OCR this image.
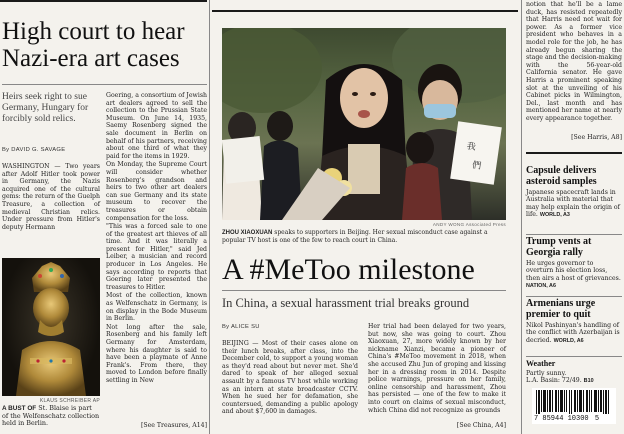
High court to hear Nazi-era art cases
Heirs seek right to sue Germany, Hungary for forcibly sold relics.
By DAVID G. SAVAGE
WASHINGTON — Two years after Adolf Hitler took power in Germany, the Nazis acquired one of the cultural gems: the return of the Guelph Treasure, a collection of medieval Christian relics. Under pressure from Hitler's deputy Hermann

Goering, a consortium of Jewish art dealers agreed to sell the collection to the Prussian State Museum. On June 14, 1935, Saemy Rosenberg signed the sale document in Berlin on behalf of his partners, receiving about one third of what they paid for the items in 1929.

On Monday, the Supreme Court will consider whether Rosenberg's grandson and heirs to two other art dealers can sue Germany and its state museum to recover the treasures or obtain compensation for the loss.

"This was a forced sale to one of the greatest art thieves of all time. And it was literally a present for Hitler," said Jed Leiber, a musician and record producer in Los Angeles. He says according to reports that Goering later presented the treasures to Hitler.

Most of the collection, known as Welfenschatz in Germany, is on display in the Bode Museum in Berlin.

Not long after the sale, Rosenberg and his family left Germany for Amsterdam, where his daughter is said to have been a playmate of Anne Frank's. From there, they moved to London before finally settling in New

[See Treasures, A14]
KLAUS SCHREIBER AP
A BUST OF St. Blaise is part of the Welfenschatz collection held in Berlin.
我
們
ANDY WONG Associated Press
ZHOU XIAOXUAN speaks to supporters in Beijing. Her sexual misconduct case against a popular TV host is one of the few to reach court in China.
A #MeToo milestone
In China, a sexual harassment trial breaks ground
By ALICE SU
BEIJING — Most of their cases alone on their lunch breaks, after class, into the December cold, to support a young woman as they'd read about but never met. She'd dared to speak of her alleged sexual assault by a famous TV host while working as an intern at state broadcaster CCTV. When he sued her for defamation, she countersued, demanding a public apology and about $7,600 in damages.
Her trial had been delayed for two years, but now, she was going to court. Zhou Xiaoxuan, 27, more widely known by her nickname Xianzi, became a pioneer of China's #MeToo movement in 2018, when she accused Zhu Jun of groping and kissing her in a dressing room in 2014. Despite police warnings, pressure on her family, online censorship and harassment, Zhou has persisted — one of the few to make it into court on claims of sexual misconduct, which China did not recognize as grounds
[See China, A4]
notion that he'll be a lame duck, has resisted repeatedly that Harris need not wait for power. As a former vice president who behaves in a model role for the job, he has already begun sharing the stage and the decision-making with the 56-year-old California senator. He gave Harris a prominent speaking slot at the unveiling of his Cabinet picks in Wilmington, Del., last month and has mentioned her name at nearly every appearance together.
[See Harris, A8]
Capsule delivers asteroid samples
Japanese spacecraft lands in Australia with material that may help explain the origin of life. WORLD, A3
Trump vents at Georgia rally
He urges governor to overturn his election loss, then airs a host of grievances. NATION, A6
Armenians urge premier to quit
Nikol Pashinyan's handling of the conflict with Azerbaijan is decried. WORLD, A6
Weather
Partly sunny.
L.A. Basin: 72/49. B10
7 85944 10300 5
